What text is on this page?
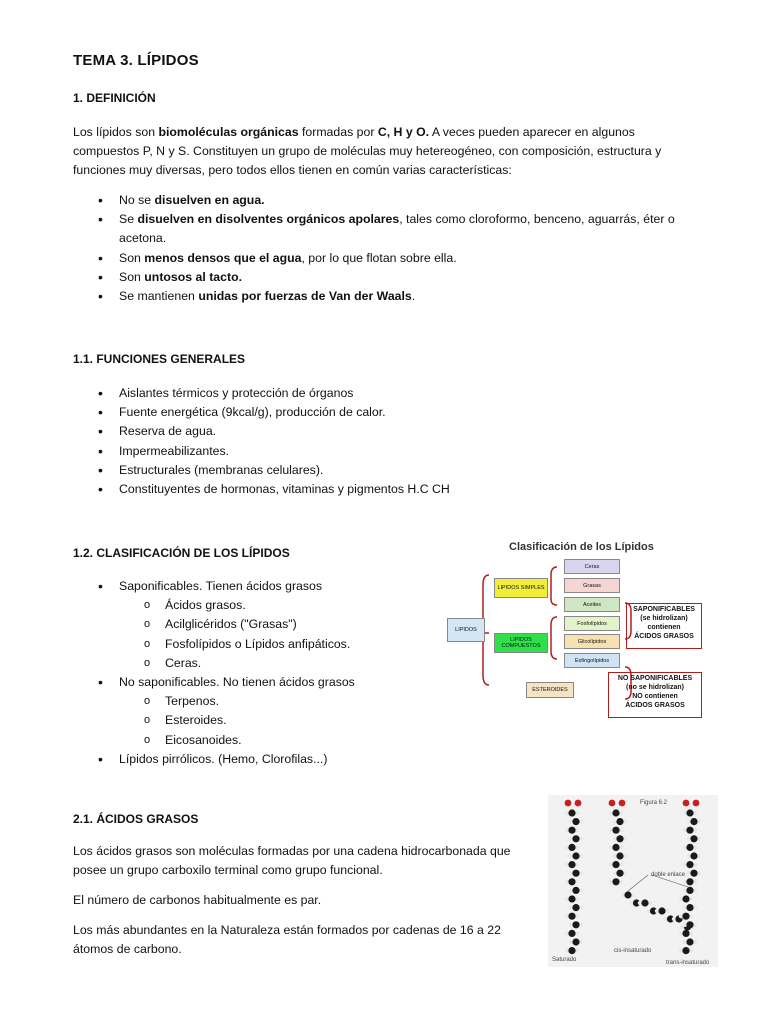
TEMA 3. LÍPIDOS
1. DEFINICIÓN
Los lípidos son biomoléculas orgánicas formadas por C, H y O. A veces pueden aparecer en algunos compuestos P, N y S. Constituyen un grupo de moléculas muy hetereogéneo, con composición, estructura y funciones muy diversas, pero todos ellos tienen en común varias características:
• No se disuelven en agua.
• Se disuelven en disolventes orgánicos apolares, tales como cloroformo, benceno, aguarrás, éter o acetona.
• Son menos densos que el agua, por lo que flotan sobre ella.
• Son untosos al tacto.
• Se mantienen unidas por fuerzas de Van der Waals.
1.1. FUNCIONES GENERALES
• Aislantes térmicos y protección de órganos
• Fuente energética (9kcal/g), producción de calor.
• Reserva de agua.
• Impermeabilizantes.
• Estructurales (membranas celulares).
• Constituyentes de hormonas, vitaminas y pigmentos H.C CH
1.2. CLASIFICACIÓN DE LOS LÍPIDOS
• Saponificables. Tienen ácidos grasos
o Ácidos grasos.
o Acilglicéridos ("Grasas")
o Fosfolípidos o Lípidos anfipáticos.
o Ceras.
• No saponificables. No tienen ácidos grasos
o Terpenos.
o Esteroides.
o Eicosanoides.
• Lípidos pirrólicos. (Hemo, Clorofilas...)
Clasificación de los Lípidos
LIPIDOS
LIPIDOS SIMPLES
LIPIDOS COMPUESTOS
ESTEROIDES
Ceras
Grasas
Aceites
Fosfolípidos
Glicolípidos
Esfingolípidos
SAPONIFICABLES
(se hidrolizan)
contienen
ÁCIDOS GRASOS
NO SAPONIFICABLES
(no se hidrolizan)
NO contienen
ÁCIDOS GRASOS
2.1. ÁCIDOS GRASOS
Los ácidos grasos son moléculas formadas por una cadena hidrocarbonada que posee un grupo carboxilo terminal como grupo funcional.
El número de carbonos habitualmente es par.
Los más abundantes en la Naturaleza están formados por cadenas de 16 a 22 átomos de carbono.
Figura 6.2
doble enlace
Saturado
cis-insaturado
trans-insaturado
